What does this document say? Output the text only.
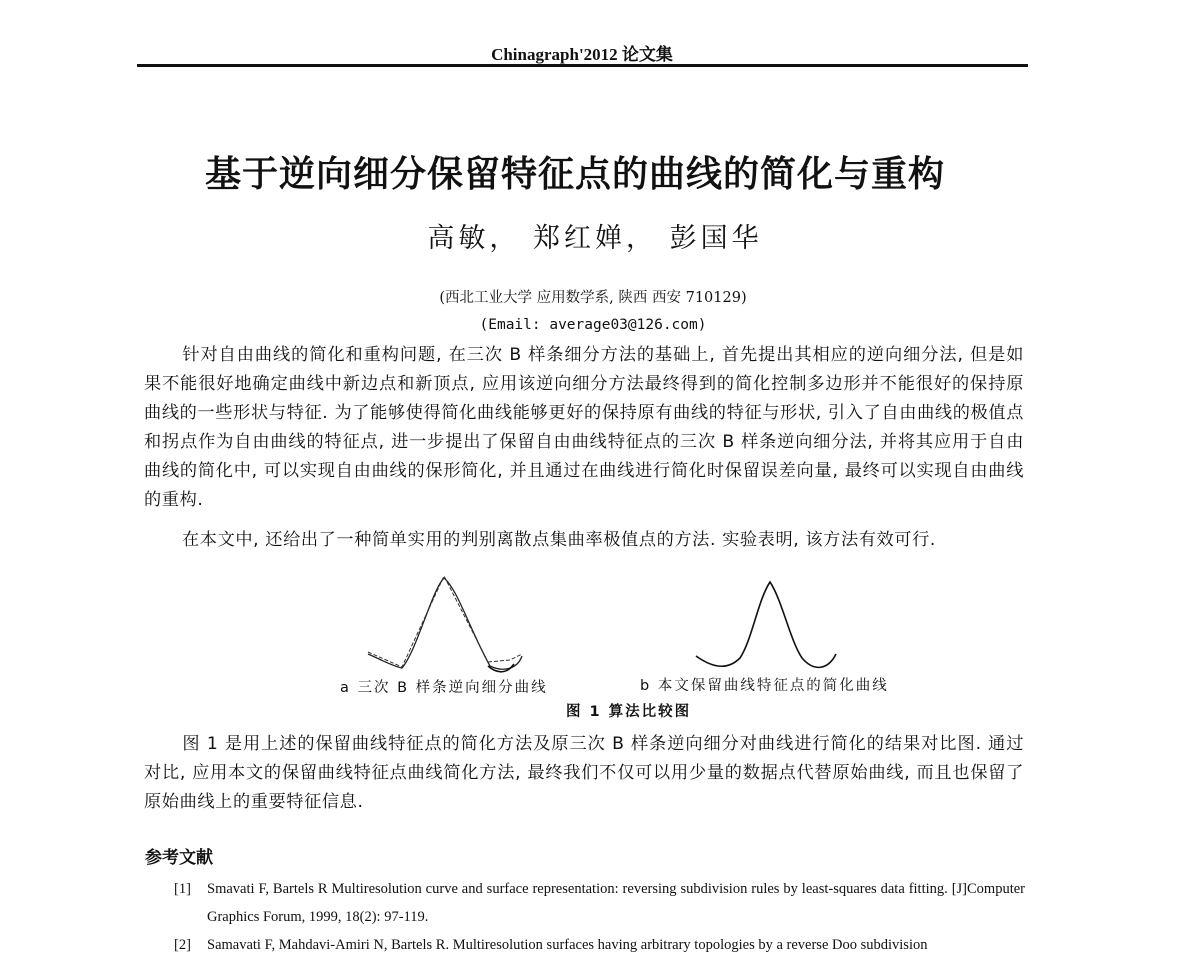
Chinagraph'2012 论文集
基于逆向细分保留特征点的曲线的简化与重构
高敏， 郑红婵， 彭国华
(西北工业大学 应用数学系, 陕西 西安 710129)
(Email: average03@126.com)
针对自由曲线的简化和重构问题, 在三次 B 样条细分方法的基础上, 首先提出其相应的逆向细分法, 但是如果不能很好地确定曲线中新边点和新顶点, 应用该逆向细分方法最终得到的简化控制多边形并不能很好的保持原曲线的一些形状与特征. 为了能够使得简化曲线能够更好的保持原有曲线的特征与形状, 引入了自由曲线的极值点和拐点作为自由曲线的特征点, 进一步提出了保留自由曲线特征点的三次 B 样条逆向细分法, 并将其应用于自由曲线的简化中, 可以实现自由曲线的保形简化, 并且通过在曲线进行简化时保留误差向量, 最终可以实现自由曲线的重构.
在本文中, 还给出了一种简单实用的判别离散点集曲率极值点的方法. 实验表明, 该方法有效可行.
a 三次 B 样条逆向细分曲线	b 本文保留曲线特征点的简化曲线
图 1 算法比较图
图 1 是用上述的保留曲线特征点的简化方法及原三次 B 样条逆向细分对曲线进行简化的结果对比图. 通过对比, 应用本文的保留曲线特征点曲线简化方法, 最终我们不仅可以用少量的数据点代替原始曲线, 而且也保留了原始曲线上的重要特征信息.
参考文献
[1] Smavati F, Bartels R Multiresolution curve and surface representation: reversing subdivision rules by least-squares data fitting. [J]Computer Graphics Forum, 1999, 18(2): 97-119.
[2] Samavati F, Mahdavi-Amiri N, Bartels R. Multiresolution surfaces having arbitrary topologies by a reverse Doo subdivision
